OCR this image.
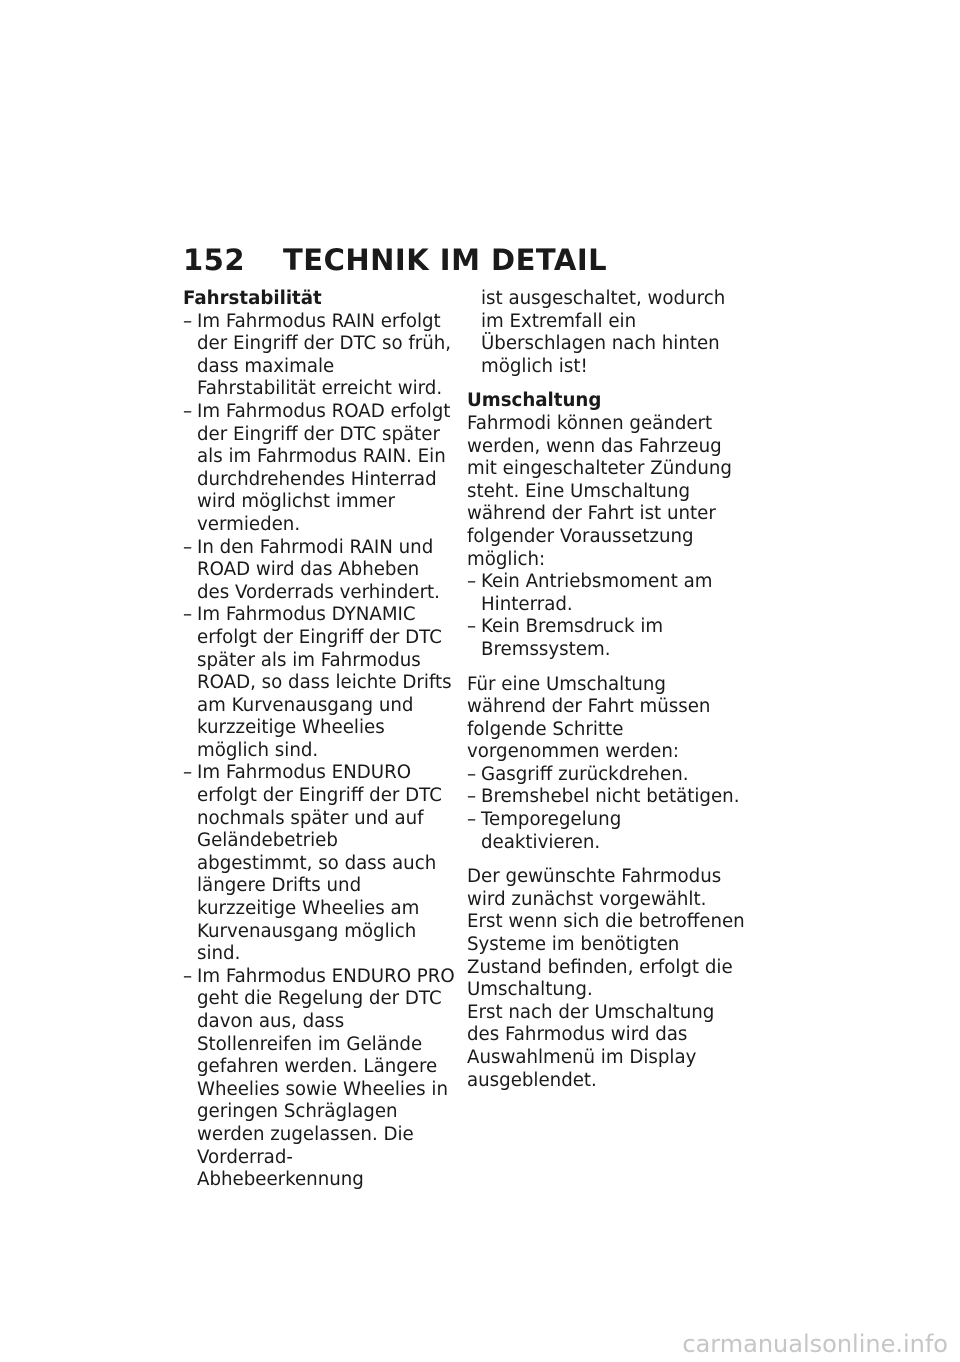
152	TECHNIK IM DETAIL

Fahrstabilität

– Im Fahrmodus RAIN erfolgt der Eingriff der DTC so früh, dass maximale Fahrstabilität erreicht wird.
– Im Fahrmodus ROAD erfolgt der Eingriff der DTC später als im Fahrmodus RAIN. Ein durchdrehendes Hinterrad wird möglichst immer vermieden.
– In den Fahrmodi RAIN und ROAD wird das Abheben des Vorderrads verhindert.
– Im Fahrmodus DYNAMIC erfolgt der Eingriff der DTC später als im Fahrmodus ROAD, so dass leichte Drifts am Kurvenausgang und kurzzeitige Wheelies möglich sind.
– Im Fahrmodus ENDURO erfolgt der Eingriff der DTC nochmals später und auf Geländebetrieb abgestimmt, so dass auch längere Drifts und kurzzeitige Wheelies am Kurvenausgang möglich sind.
– Im Fahrmodus ENDURO PRO geht die Regelung der DTC davon aus, dass Stollenreifen im Gelände gefahren werden. Längere Wheelies sowie Wheelies in geringen Schräglagen werden zugelassen. Die Vorderrad-Abhebeerkennung

ist ausgeschaltet, wodurch im Extremfall ein Überschlagen nach hinten möglich ist!

Umschaltung

Fahrmodi können geändert werden, wenn das Fahrzeug mit eingeschalteter Zündung steht. Eine Umschaltung während der Fahrt ist unter folgender Voraussetzung möglich:

– Kein Antriebsmoment am Hinterrad.
– Kein Bremsdruck im Bremssystem.

Für eine Umschaltung während der Fahrt müssen folgende Schritte vorgenommen werden:

– Gasgriff zurückdrehen.
– Bremshebel nicht betätigen.
– Temporegelung deaktivieren.

Der gewünschte Fahrmodus wird zunächst vorgewählt. Erst wenn sich die betroffenen Systeme im benötigten Zustand befinden, erfolgt die Umschaltung.

Erst nach der Umschaltung des Fahrmodus wird das Auswahlmenü im Display ausgeblendet.

carmanualsonline.info
